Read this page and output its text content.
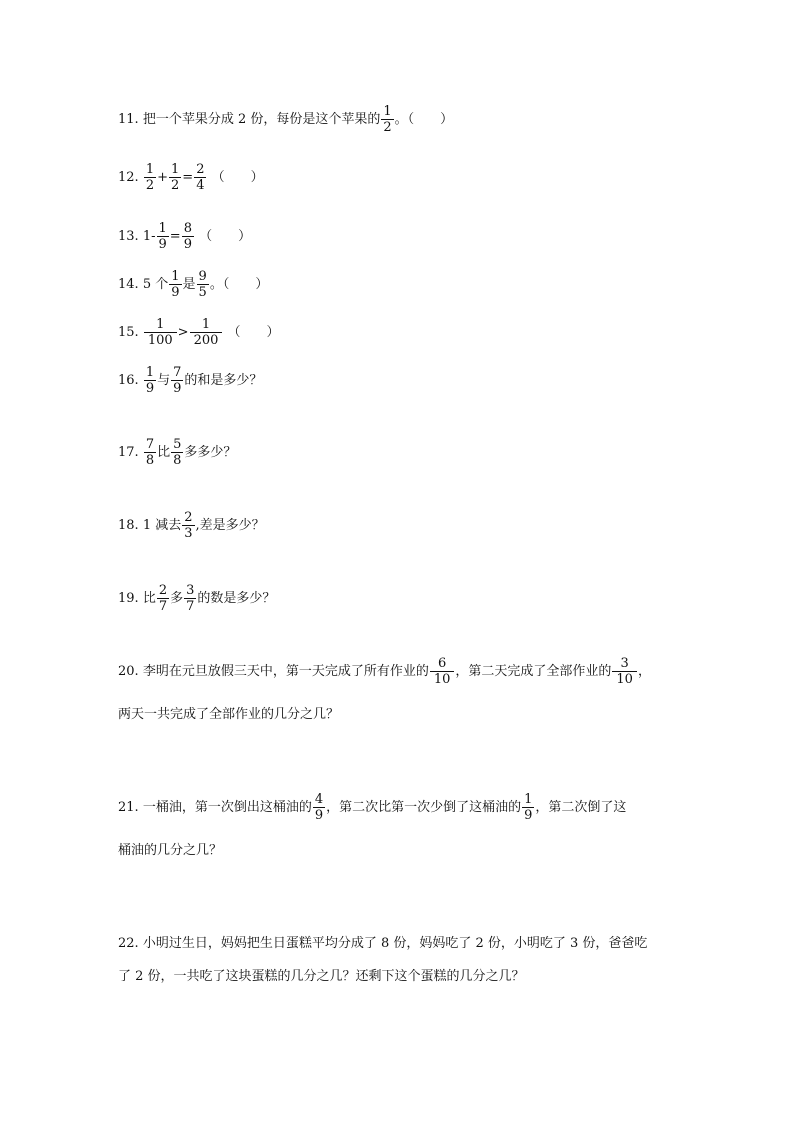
11. 把一个苹果分成 2 份，每份是这个苹果的 $\frac{1}{2}$ 。（　　）
12. $\frac{1}{2} + \frac{1}{2} = \frac{2}{4}$ （　　）
13. $1- \frac{1}{9} = \frac{8}{9}$ （　　）
14. 5 个 $\frac{1}{9}$ 是 $\frac{9}{5}$ 。（　　）
15. $\frac{1}{100} > \frac{1}{200}$ （　　）
16. $\frac{1}{9}$ 与 $\frac{7}{9}$ 的和是多少？
17. $\frac{7}{8}$ 比 $\frac{5}{8}$ 多多少？
18. 1 减去 $\frac{2}{3}$ ,差是多少？
19. 比 $\frac{2}{7}$ 多 $\frac{3}{7}$ 的数是多少？
20. 李明在元旦放假三天中，第一天完成了所有作业的 $\frac{6}{10}$ ，第二天完成了全部作业的 $\frac{3}{10}$ ，
两天一共完成了全部作业的几分之几？
21. 一桶油，第一次倒出这桶油的 $\frac{4}{9}$ ，第二次比第一次少倒了这桶油的 $\frac{1}{9}$ ，第二次倒了这
桶油的几分之几？
22. 小明过生日，妈妈把生日蛋糕平均分成了 8 份，妈妈吃了 2 份，小明吃了 3 份，爸爸吃
了 2 份，一共吃了这块蛋糕的几分之几？还剩下这个蛋糕的几分之几？
